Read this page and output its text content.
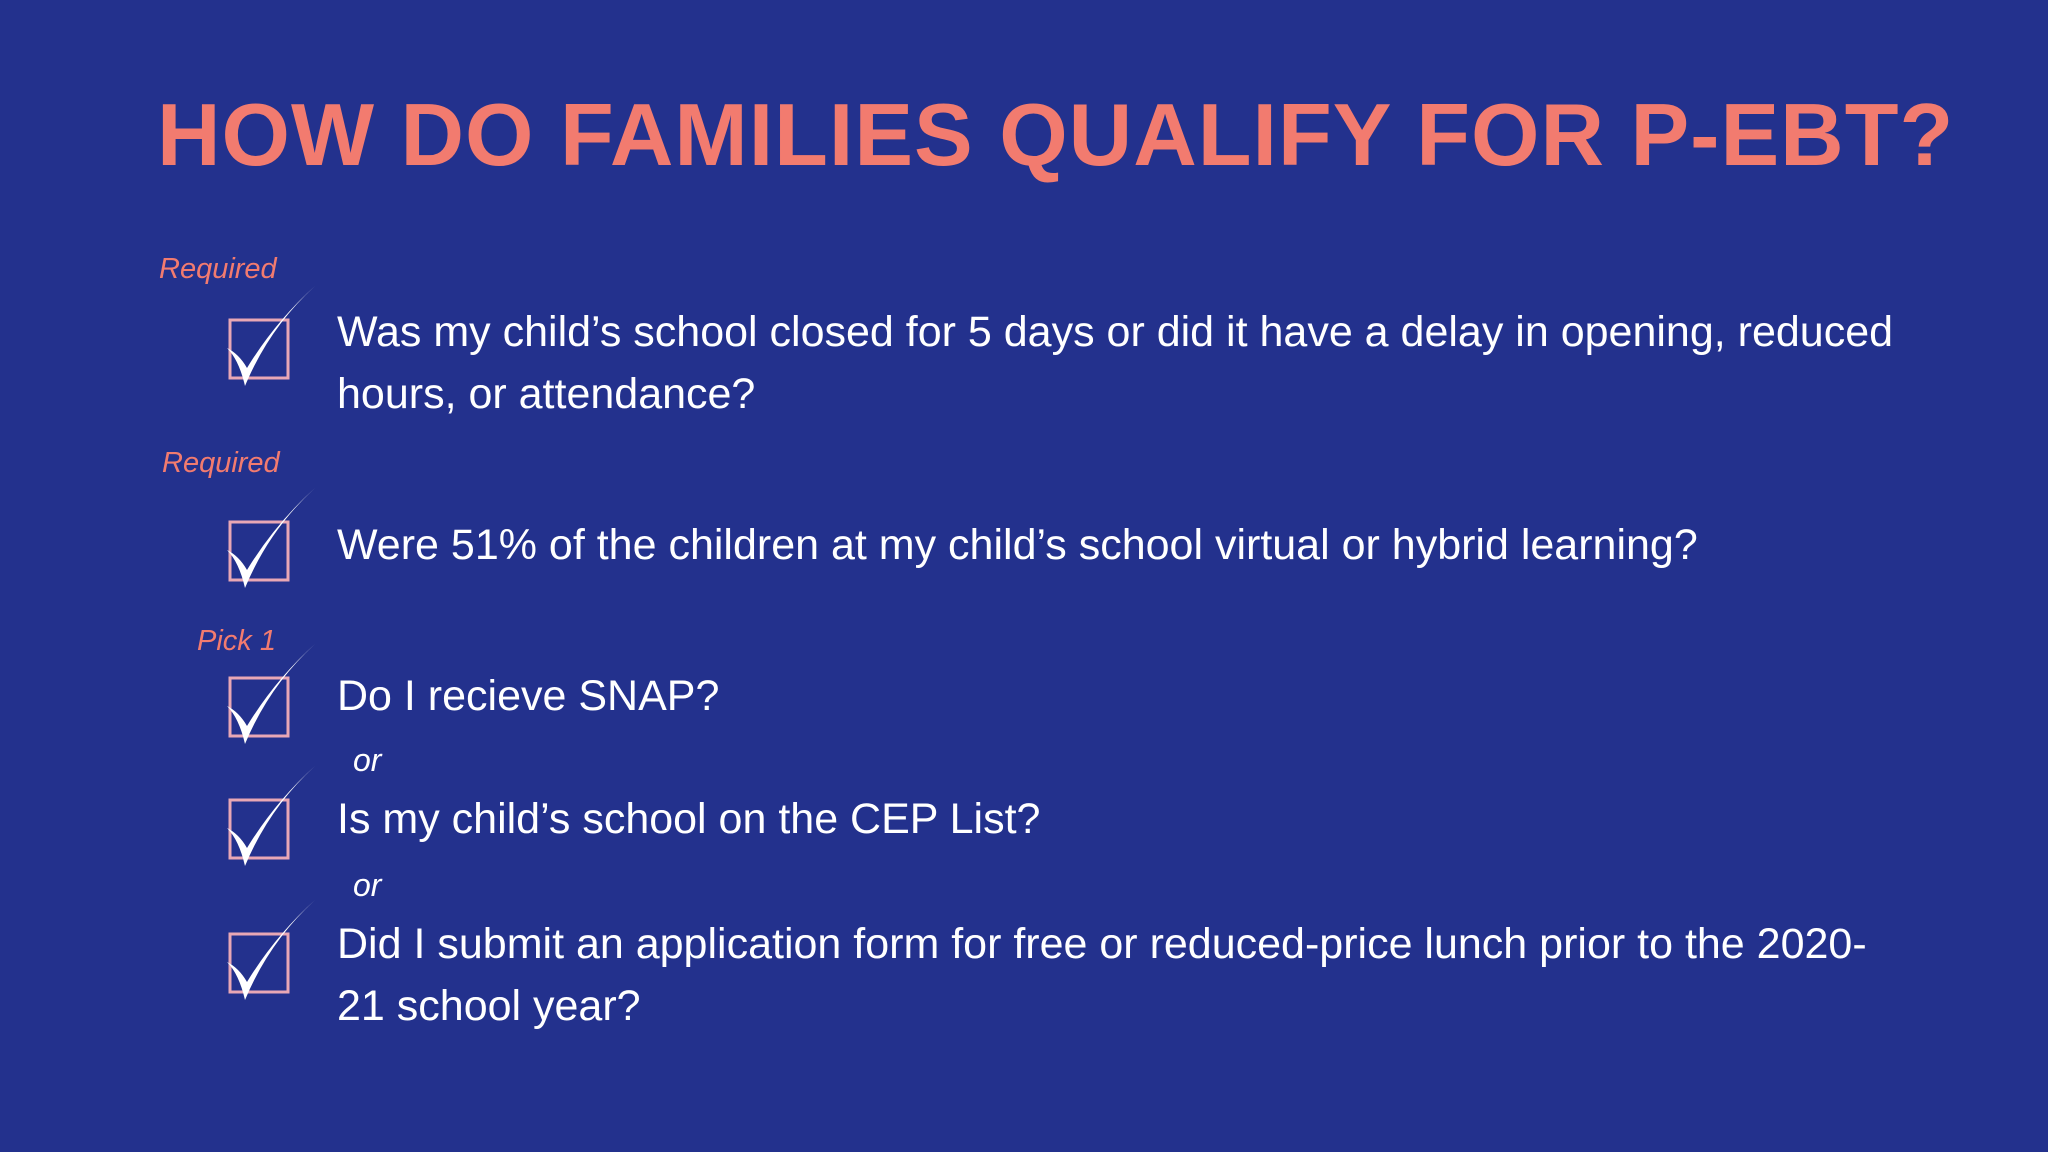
HOW DO FAMILIES QUALIFY FOR P-EBT?
Required
Was my child’s school closed for 5 days or did it have a delay in opening, reduced hours, or attendance?
Required
Were 51% of the children at my child’s school virtual or hybrid learning?
Pick 1
Do I recieve SNAP?
or
Is my child’s school on the CEP List?
or
Did I submit an application form for free or reduced-price lunch prior to the 2020-21 school year?
